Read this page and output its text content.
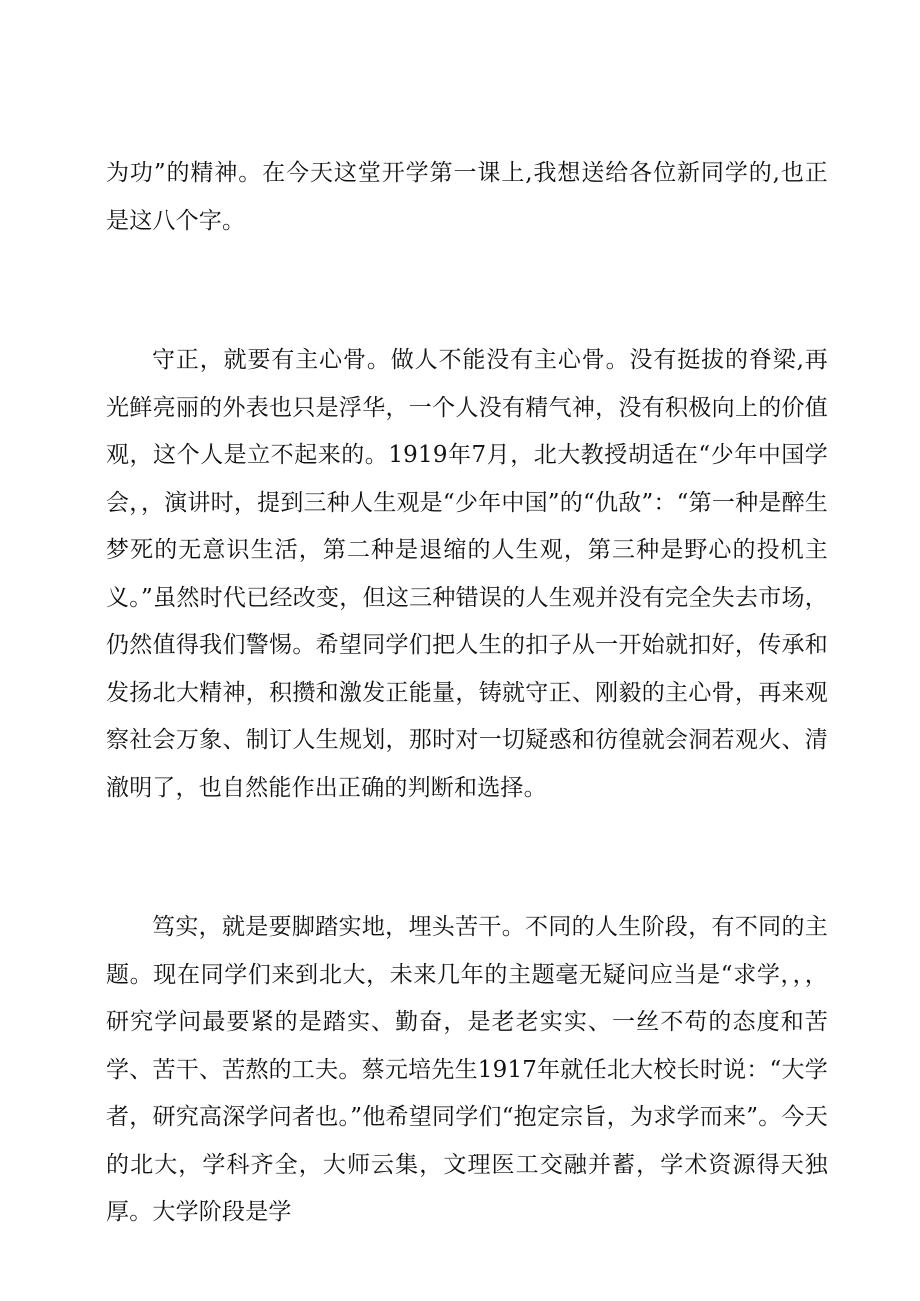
为功”的精神。在今天这堂开学第一课上,我想送给各位新同学的,也正是这八个字。

守正，就要有主心骨。做人不能没有主心骨。没有挺拔的脊梁,再光鲜亮丽的外表也只是浮华，一个人没有精气神，没有积极向上的价值观，这个人是立不起来的。1919年7月，北大教授胡适在“少年中国学会，，演讲时，提到三种人生观是“少年中国”的“仇敌”：“第一种是醉生梦死的无意识生活，第二种是退缩的人生观，第三种是野心的投机主义。”虽然时代已经改变，但这三种错误的人生观并没有完全失去市场，仍然值得我们警惕。希望同学们把人生的扣子从一开始就扣好，传承和发扬北大精神，积攒和激发正能量，铸就守正、刚毅的主心骨，再来观察社会万象、制订人生规划，那时对一切疑惑和彷徨就会洞若观火、清澈明了，也自然能作出正确的判断和选择。

笃实，就是要脚踏实地，埋头苦干。不同的人生阶段，有不同的主题。现在同学们来到北大，未来几年的主题毫无疑问应当是“求学，，，研究学问最要紧的是踏实、勤奋，是老老实实、一丝不苟的态度和苦学、苦干、苦熬的工夫。蔡元培先生1917年就任北大校长时说：“大学者，研究高深学问者也。”他希望同学们“抱定宗旨，为求学而来”。今天的北大，学科齐全，大师云集，文理医工交融并蓄，学术资源得天独厚。大学阶段是学
